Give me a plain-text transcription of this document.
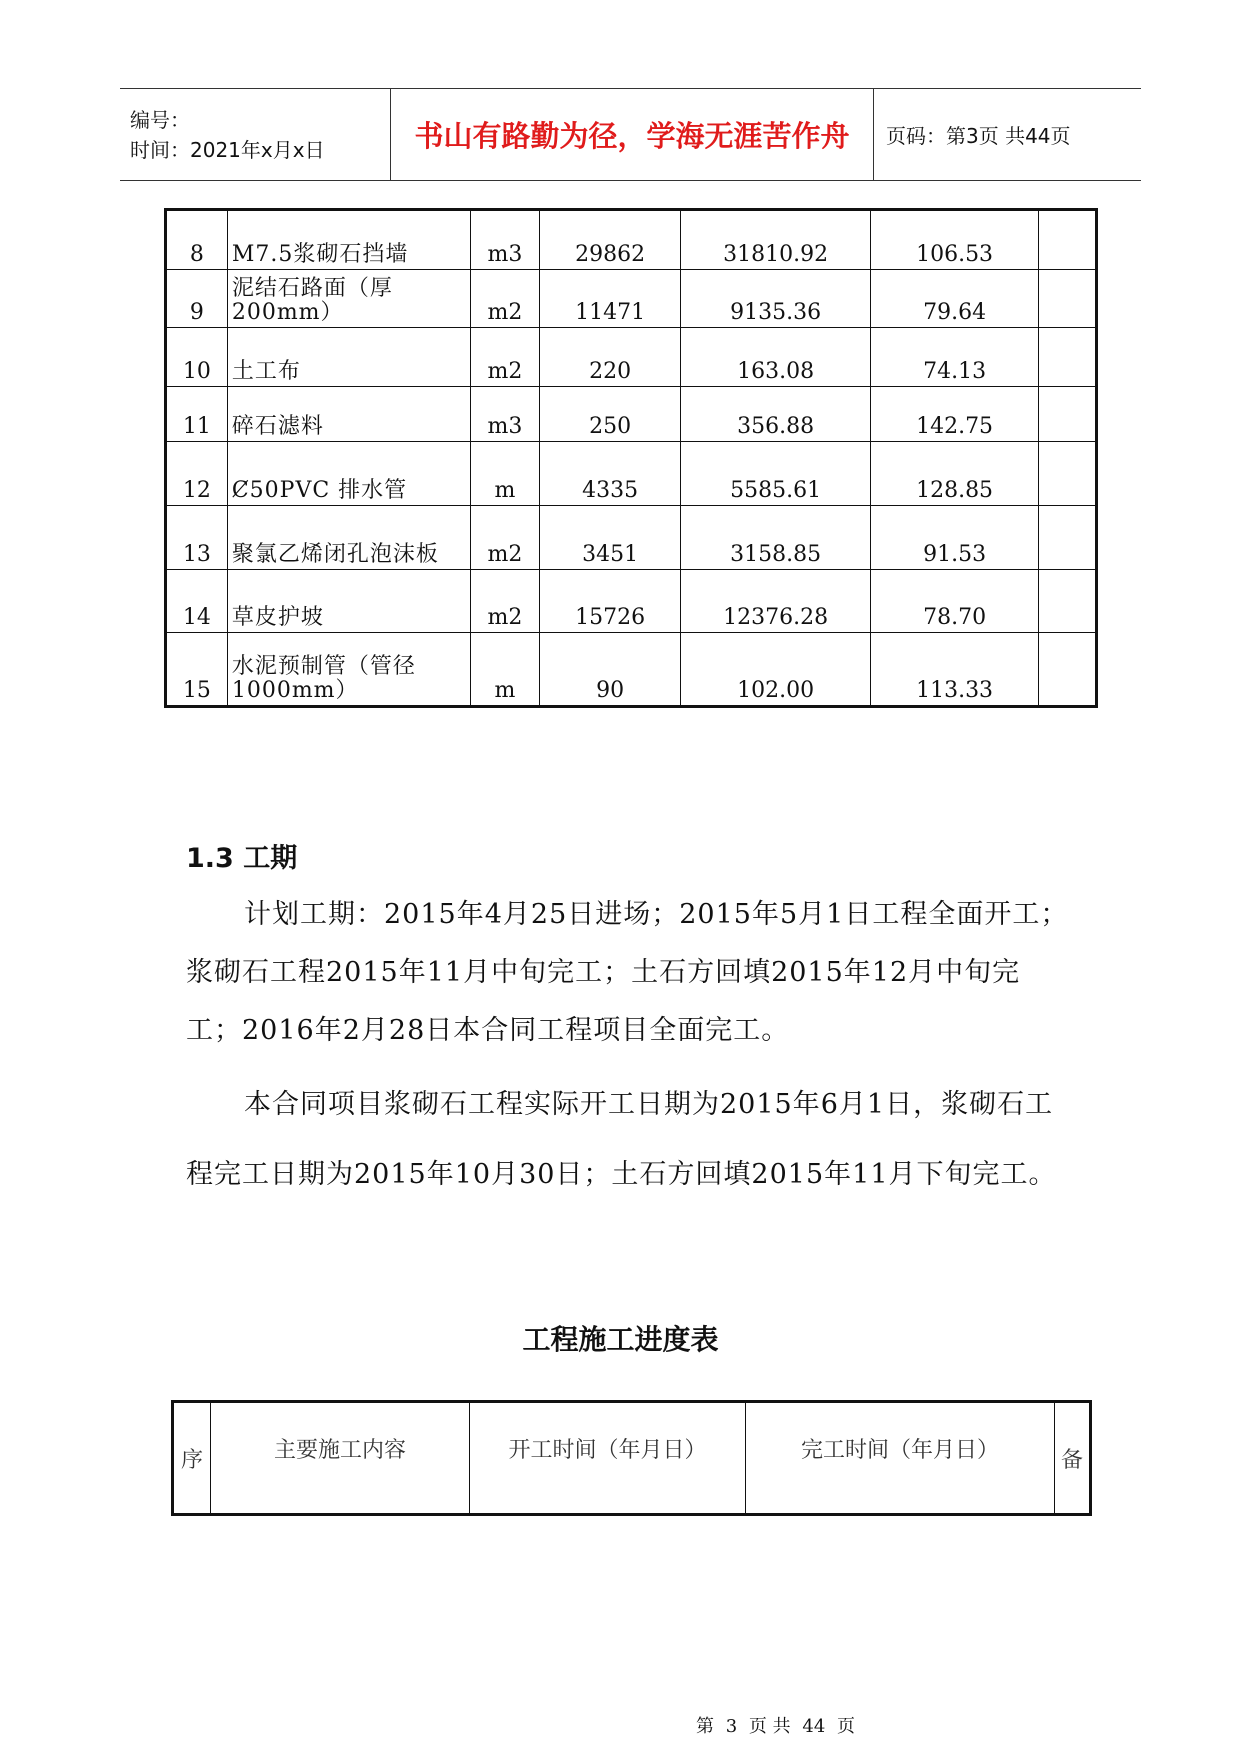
编号：
时间：2021年x月x日	书山有路勤为径，学海无涯苦作舟	页码：第3页 共44页
8	M7.5浆砌石挡墙	m3	29862	31810.92	106.53	
9	泥结石路面（厚200mm）	m2	11471	9135.36	79.64	
10	土工布	m2	220	163.08	74.13	
11	碎石滤料	m3	250	356.88	142.75	
12	Ȼ50PVC 排水管	m	4335	5585.61	128.85	
13	聚氯乙烯闭孔泡沫板	m2	3451	3158.85	91.53	
14	草皮护坡	m2	15726	12376.28	78.70	
15	水泥预制管（管径1000mm）	m	90	102.00	113.33	
1.3 工期

计划工期：2015年4月25日进场；2015年5月1日工程全面开工；浆砌石工程2015年11月中旬完工；土石方回填2015年12月中旬完工；2016年2月28日本合同工程项目全面完工。

本合同项目浆砌石工程实际开工日期为2015年6月1日，浆砌石工程完工日期为2015年10月30日；土石方回填2015年11月下旬完工。

工程施工进度表
序	主要施工内容	开工时间（年月日）	完工时间（年月日）	备
第 3 页 共 44 页
